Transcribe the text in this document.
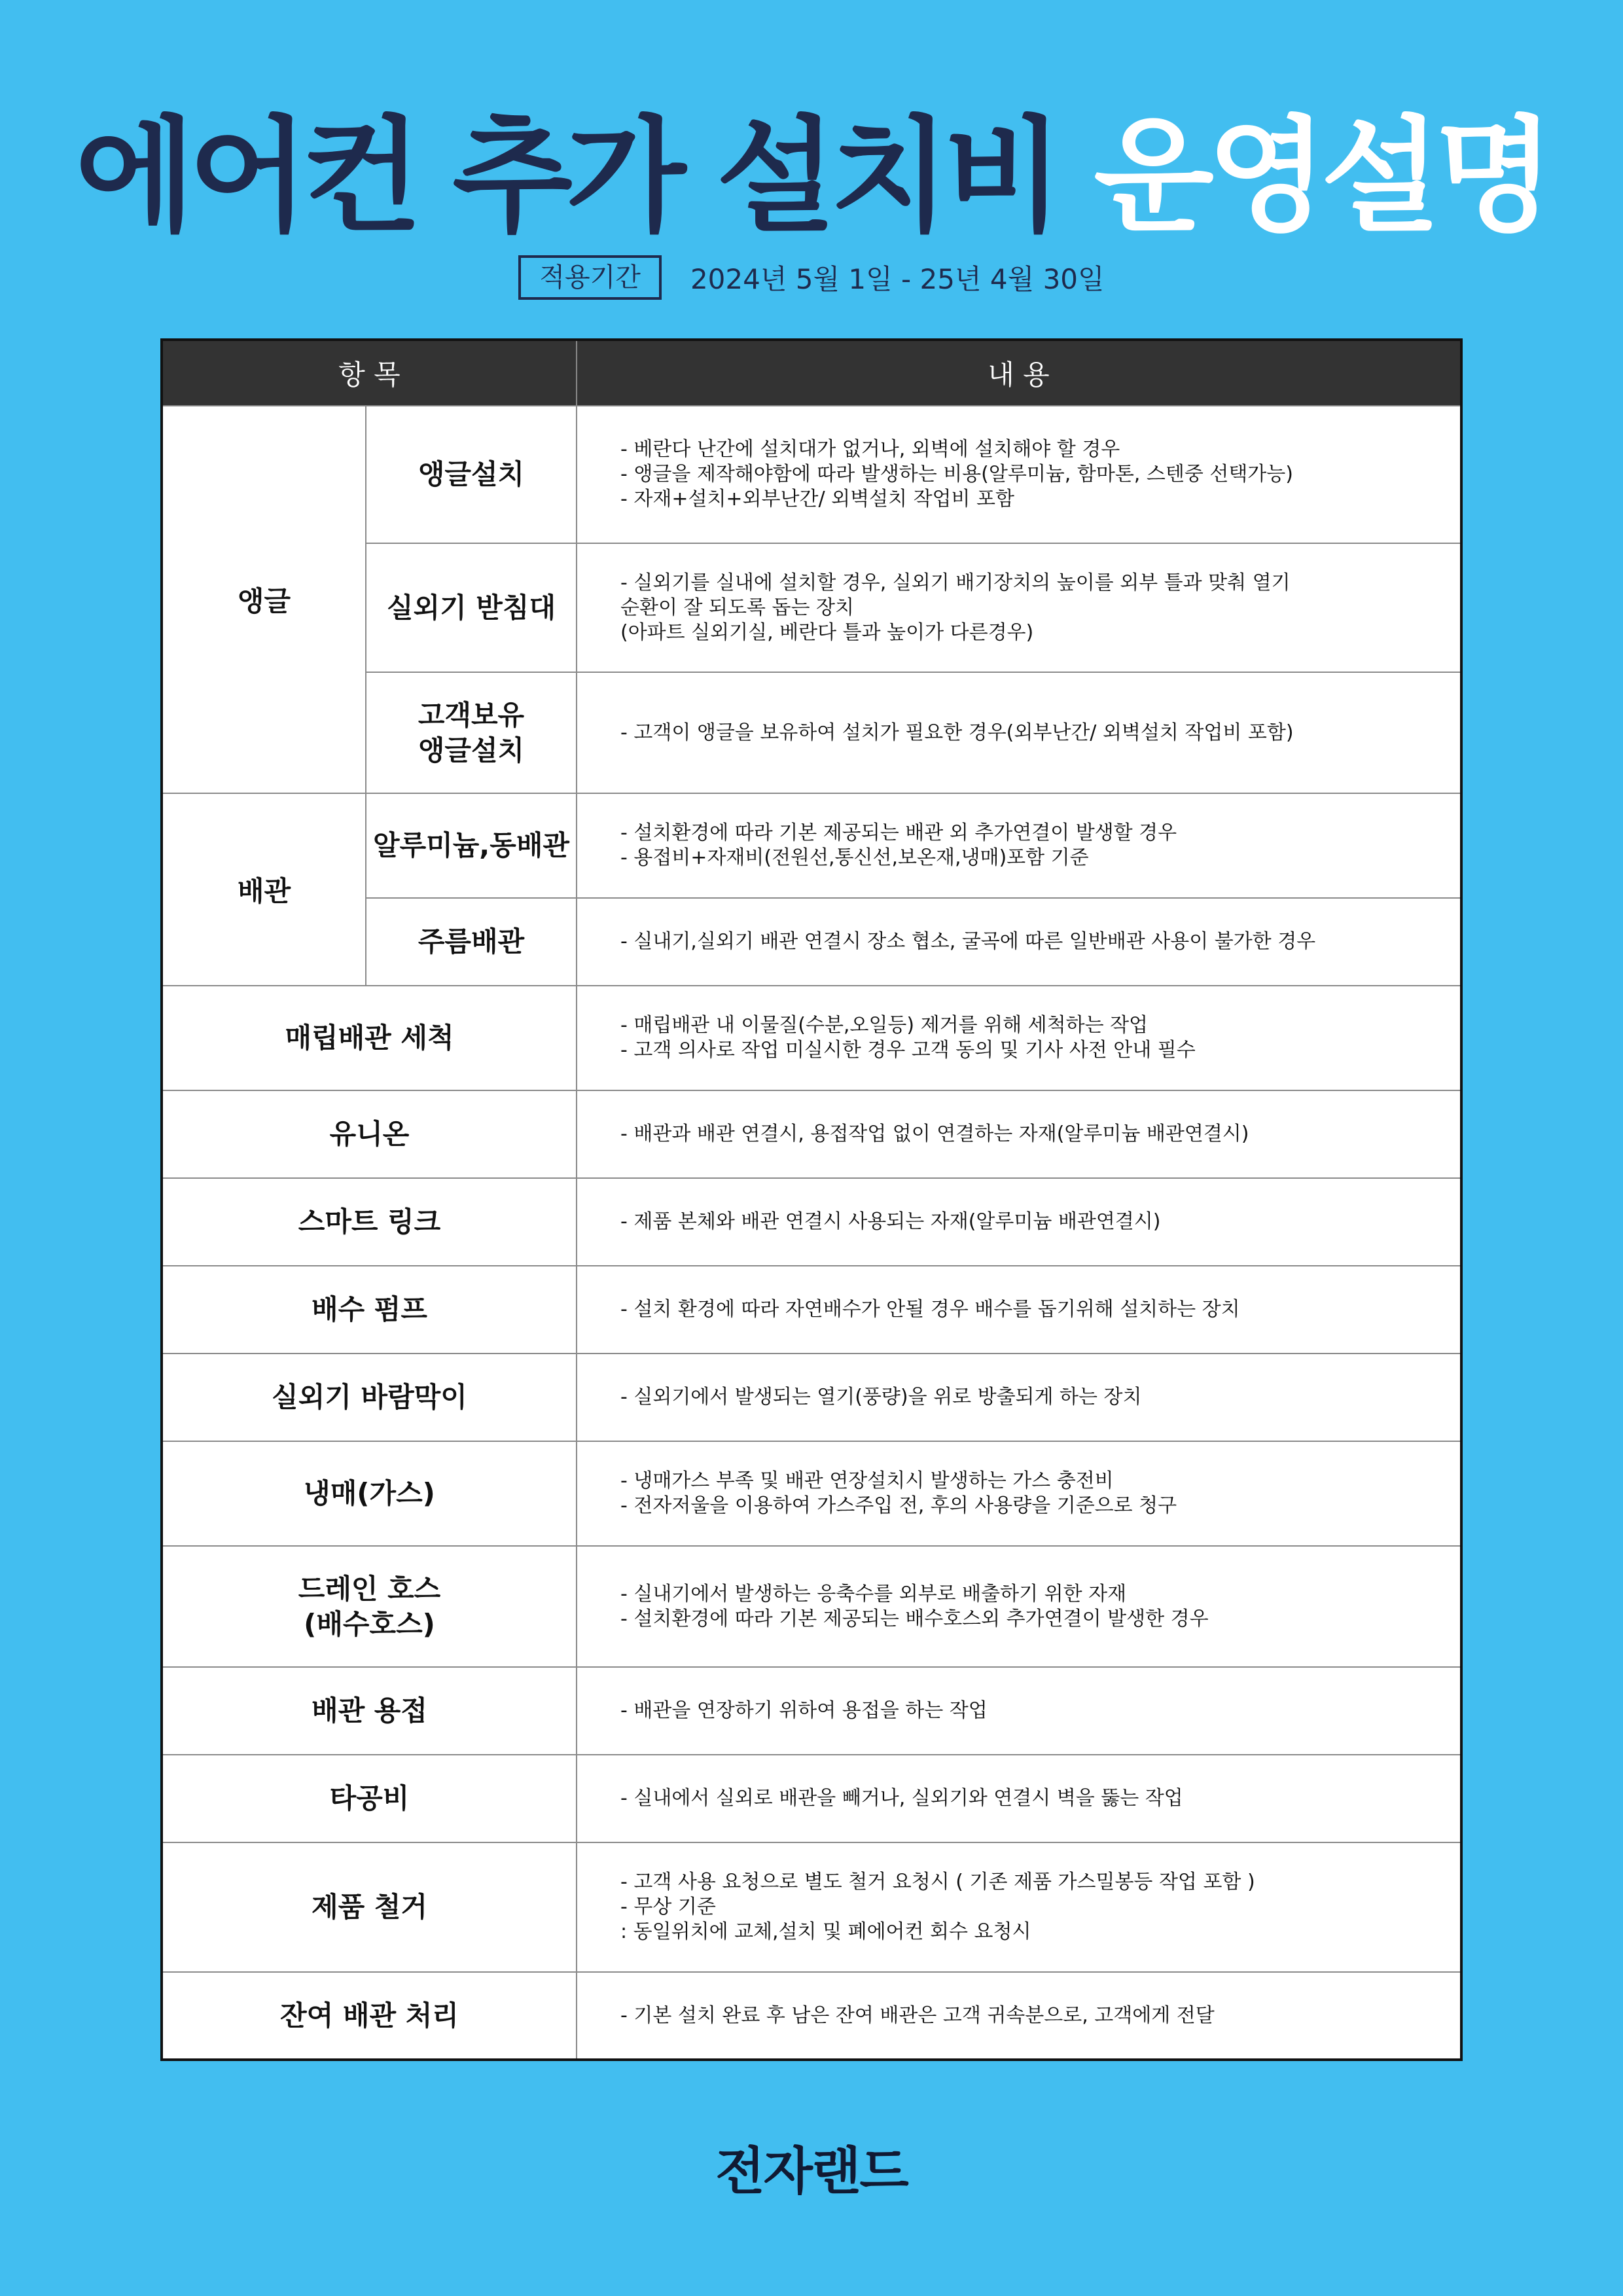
에어컨 추가 설치비 운영설명
적용기간	2024년 5월 1일 - 25년 4월 30일
항 목		내 용
앵글	앵글설치	- 베란다 난간에 설치대가 없거나, 외벽에 설치해야 할 경우
- 앵글을 제작해야함에 따라 발생하는 비용(알루미늄, 함마톤, 스텐중 선택가능)
- 자재+설치+외부난간/ 외벽설치 작업비 포함
	실외기 받침대	- 실외기를 실내에 설치할 경우, 실외기 배기장치의 높이를 외부 틀과 맞춰 열기
순환이 잘 되도록 돕는 장치
(아파트 실외기실, 베란다 틀과 높이가 다른경우)
	고객보유
앵글설치	- 고객이 앵글을 보유하여 설치가 필요한 경우(외부난간/ 외벽설치 작업비 포함)
배관	알루미늄,동배관	- 설치환경에 따라 기본 제공되는 배관 외 추가연결이 발생할 경우
- 용접비+자재비(전원선,통신선,보온재,냉매)포함 기준
	주름배관	- 실내기,실외기 배관 연결시 장소 협소, 굴곡에 따른 일반배관 사용이 불가한 경우
매립배관 세척		- 매립배관 내 이물질(수분,오일등) 제거를 위해 세척하는 작업
- 고객 의사로 작업 미실시한 경우 고객 동의 및 기사 사전 안내 필수
유니온		- 배관과 배관 연결시, 용접작업 없이 연결하는 자재(알루미늄 배관연결시)
스마트 링크		- 제품 본체와 배관 연결시 사용되는 자재(알루미늄 배관연결시)
배수 펌프		- 설치 환경에 따라 자연배수가 안될 경우 배수를 돕기위해 설치하는 장치
실외기 바람막이		- 실외기에서 발생되는 열기(풍량)을 위로 방출되게 하는 장치
냉매(가스)		- 냉매가스 부족 및 배관 연장설치시 발생하는 가스 충전비
- 전자저울을 이용하여 가스주입 전, 후의 사용량을 기준으로 청구
드레인 호스
(배수호스)		- 실내기에서 발생하는 응축수를 외부로 배출하기 위한 자재
- 설치환경에 따라 기본 제공되는 배수호스외 추가연결이 발생한 경우
배관 용접		- 배관을 연장하기 위하여 용접을 하는 작업
타공비		- 실내에서 실외로 배관을 빼거나, 실외기와 연결시 벽을 뚫는 작업
제품 철거		- 고객 사용 요청으로 별도 철거 요청시 ( 기존 제품 가스밀봉등 작업 포함 )
- 무상 기준
: 동일위치에 교체,설치 및 폐에어컨 회수 요청시
잔여 배관 처리		- 기본 설치 완료 후 남은 잔여 배관은 고객 귀속분으로, 고객에게 전달
전자랜드
